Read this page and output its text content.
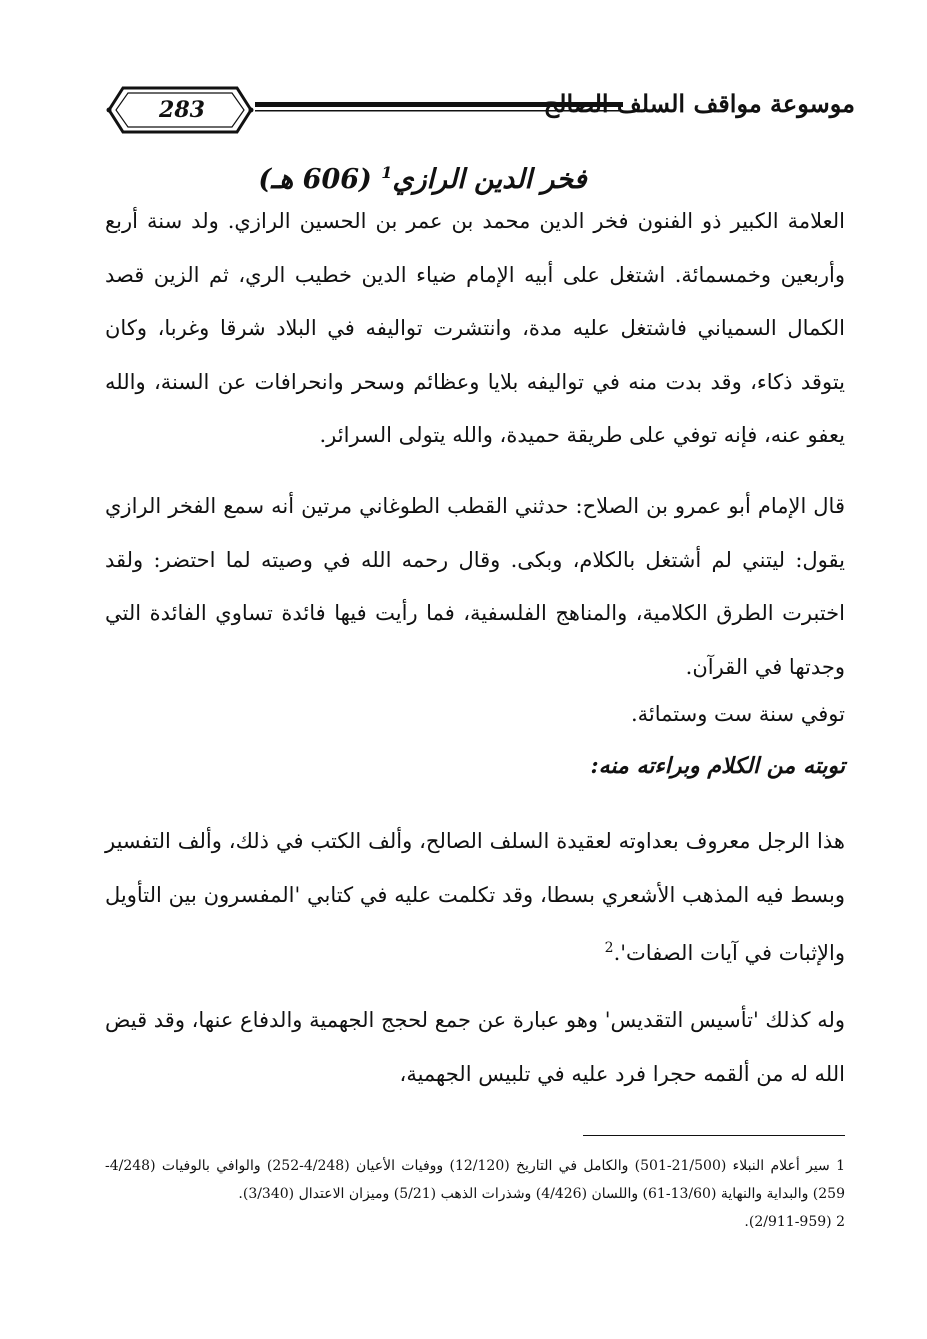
283	موسوعة مواقف السلف الصالح
فخر الدين الرازي$^1$ (606 هـ)
العلامة الكبير ذو الفنون فخر الدين محمد بن عمر بن الحسين الرازي. ولد سنة أربع وأربعين وخمسمائة. اشتغل على أبيه الإمام ضياء الدين خطيب الري، ثم الزين قصد الكمال السمياني فاشتغل عليه مدة، وانتشرت تواليفه في البلاد شرقا وغربا، وكان يتوقد ذكاء، وقد بدت منه في تواليفه بلايا وعظائم وسحر وانحرافات عن السنة، والله يعفو عنه، فإنه توفي على طريقة حميدة، والله يتولى السرائر.
قال الإمام أبو عمرو بن الصلاح: حدثني القطب الطوغاني مرتين أنه سمع الفخر الرازي يقول: ليتني لم أشتغل بالكلام، وبكى. وقال رحمه الله في وصيته لما احتضر: ولقد اختبرت الطرق الكلامية، والمناهج الفلسفية، فما رأيت فيها فائدة تساوي الفائدة التي وجدتها في القرآن.
توفي سنة ست وستمائة.
توبته من الكلام وبراءته منه:
هذا الرجل معروف بعداوته لعقيدة السلف الصالح، وألف الكتب في ذلك، وألف التفسير وبسط فيه المذهب الأشعري بسطا، وقد تكلمت عليه في كتابي 'المفسرون بين التأويل والإثبات في آيات الصفات'.$^2$
وله كذلك 'تأسيس التقديس' وهو عبارة عن جمع لحجج الجهمية والدفاع عنها، وقد قيض الله له من ألقمه حجرا فرد عليه في تلبيس الجهمية،
1 سير أعلام النبلاء (21/500-501) والكامل في التاريخ (12/120) ووفيات الأعيان (4/248-252) والوافي بالوفيات (4/248-259) والبداية والنهاية (13/60-61) واللسان (4/426) وشذرات الذهب (5/21) وميزان الاعتدال (3/340).
2 (2/911-959).
